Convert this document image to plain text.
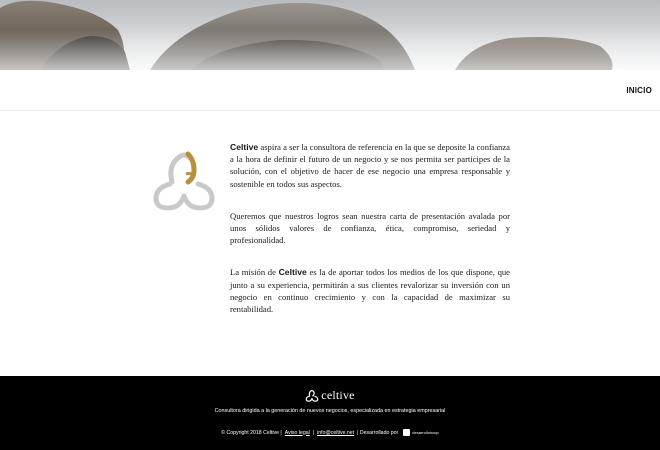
INICIO

Celtive aspira a ser la consultora de referencia en la que se deposite la confianza a la hora de definir el futuro de un negocio y se nos permita ser participes de la solución, con el objetivo de hacer de ese negocio una empresa responsable y sostenible en todos sus aspectos.

Queremos que nuestros logros sean nuestra carta de presentación avalada por unos sólidos valores de confianza, ética, compromiso, seriedad y profesionalidad.

La misión de Celtive es la de aportar todos los medios de los que dispone, que junto a su experiencia, permitirán a sus clientes revalorizar su inversión con un negocio en continuo crecimiento y con la capacidad de maximizar su rentabilidad.

celtive
Consultora dirigida a la generación de nuevos negocios, especializada en estrategia empresarial
© Copyright 2018 Celtive | Aviso legal | info@celtive.net | Desarrollado por	desarrollohoop
